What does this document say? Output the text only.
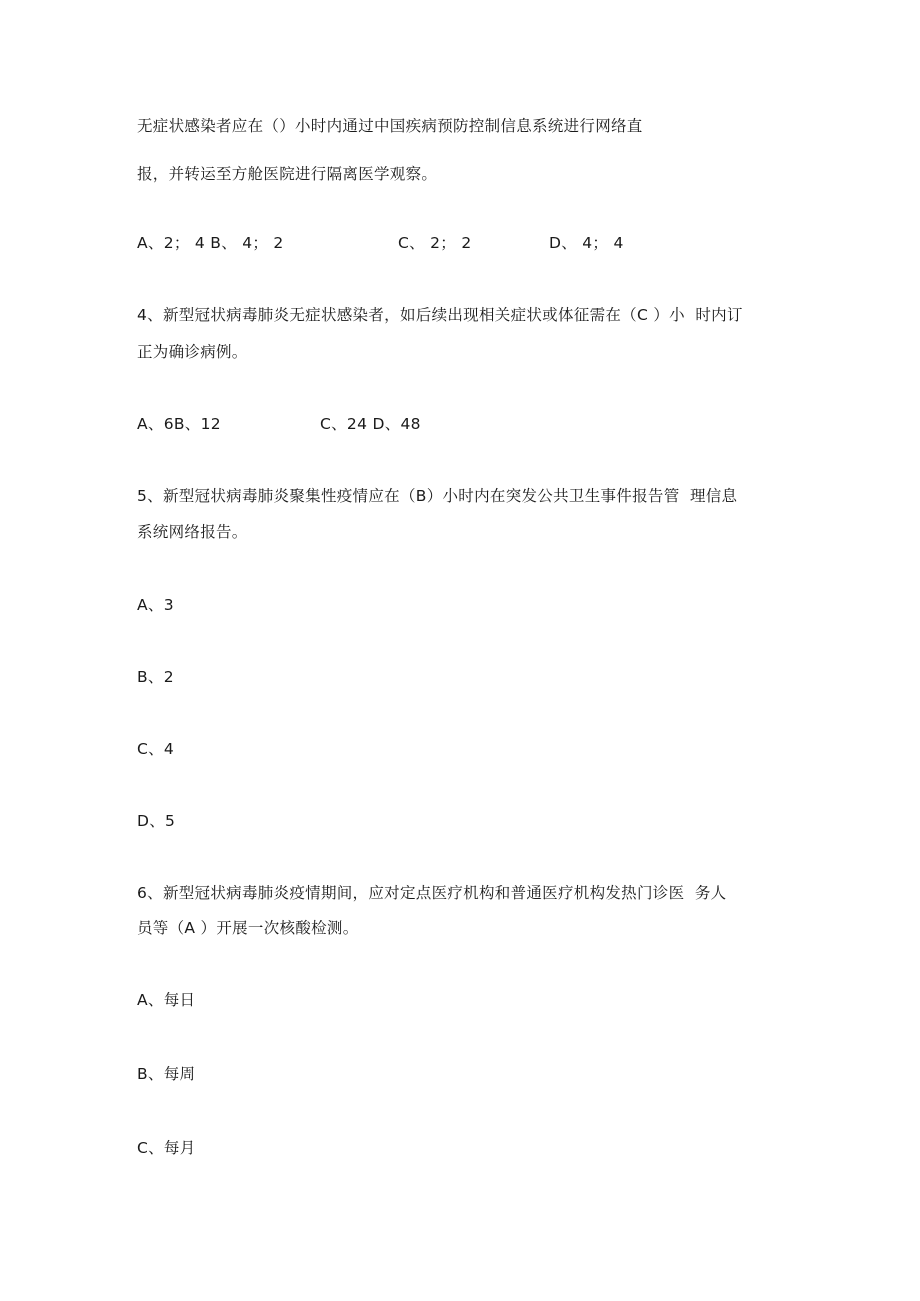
无症状感染者应在（）小时内通过中国疾病预防控制信息系统进行网络直
报，并转运至方舱医院进行隔离医学观察。
A、2； 4 B、 4； 2	C、 2； 2	D、 4； 4
4、新型冠状病毒肺炎无症状感染者，如后续出现相关症状或体征需在（C ）小  时内订
正为确诊病例。
A、6B、12	C、24 D、48
5、新型冠状病毒肺炎聚集性疫情应在（B）小时内在突发公共卫生事件报告管  理信息
系统网络报告。
A、3
B、2
C、4
D、5
6、新型冠状病毒肺炎疫情期间，应对定点医疗机构和普通医疗机构发热门诊医  务人
员等（A ）开展一次核酸检测。
A、每日
B、每周
C、每月
